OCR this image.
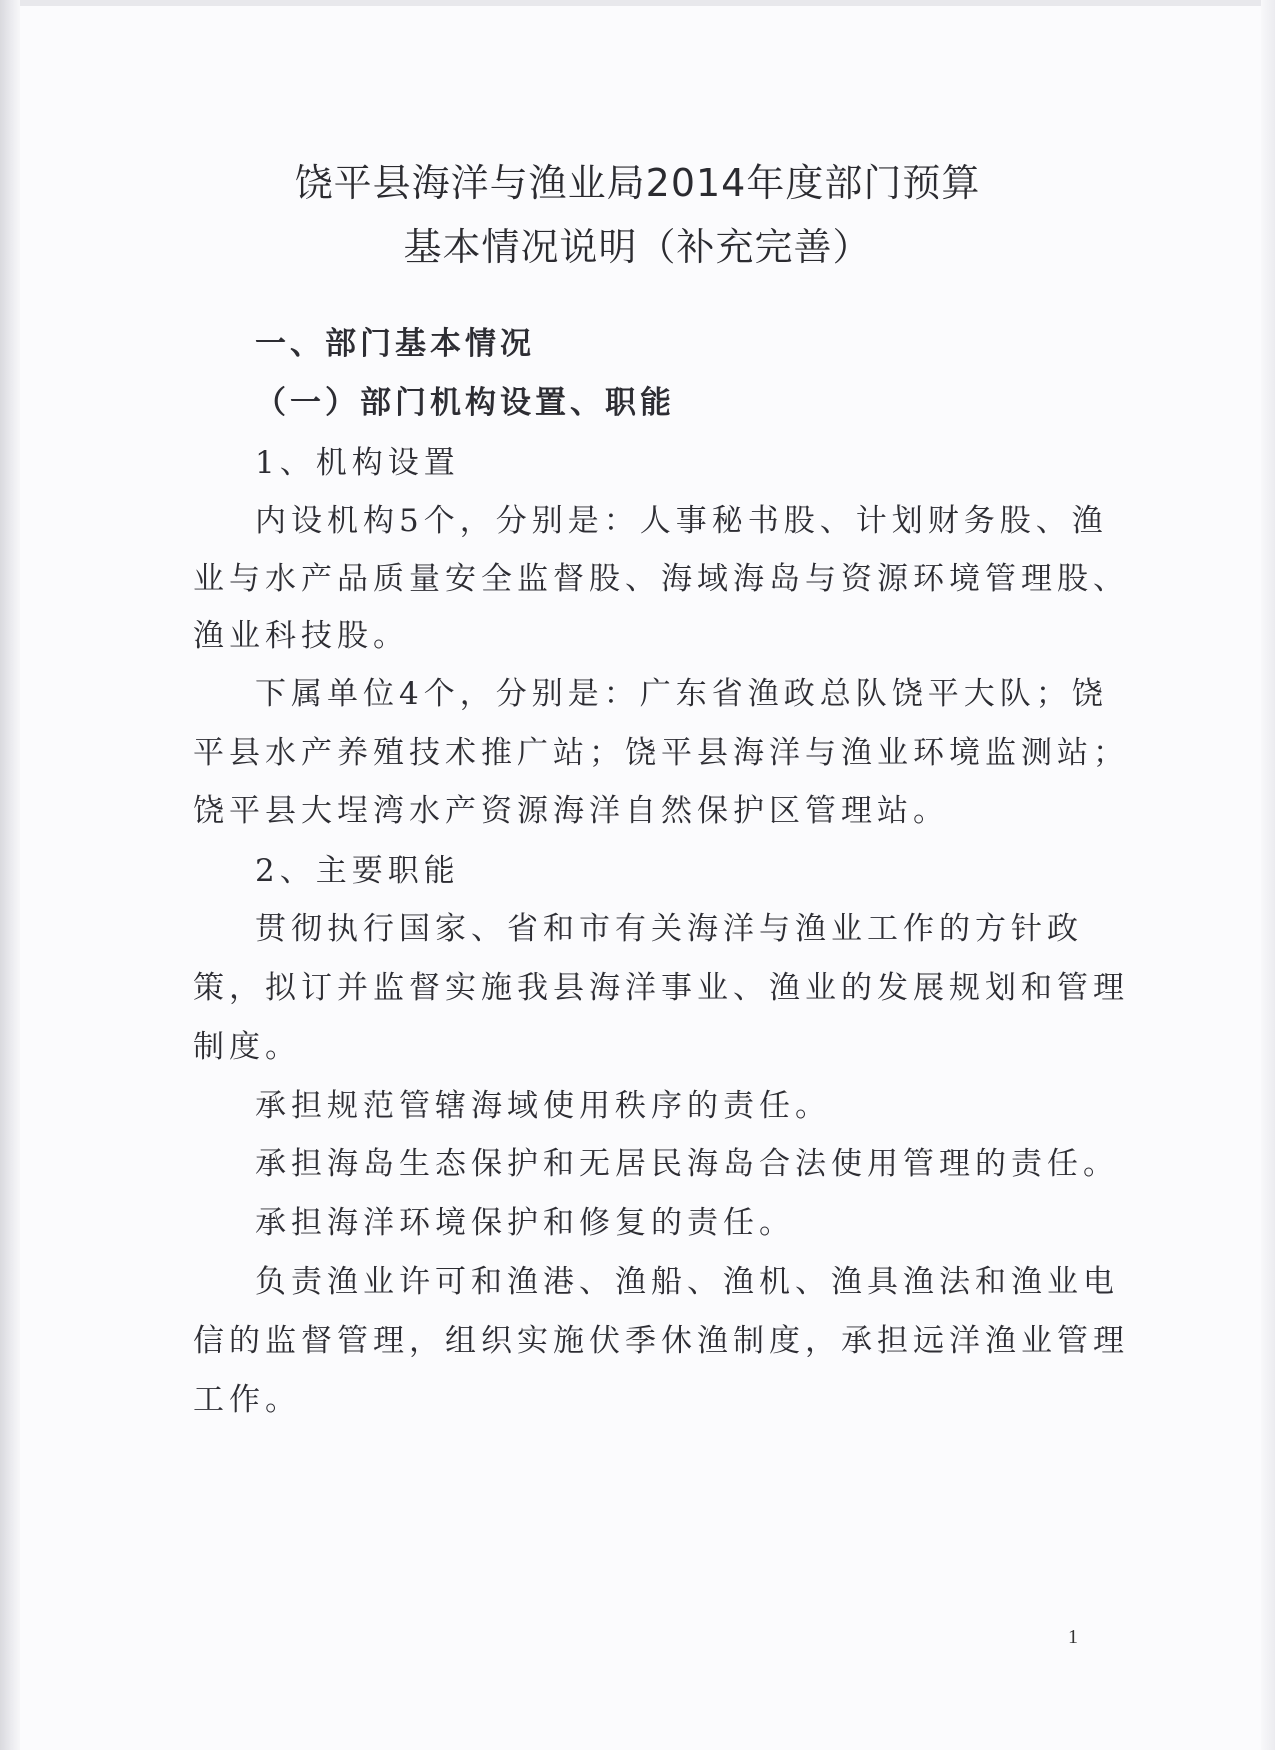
饶平县海洋与渔业局2014年度部门预算
基本情况说明（补充完善）
一、部门基本情况
（一）部门机构设置、职能
1、机构设置
内设机构5个，分别是：人事秘书股、计划财务股、渔
业与水产品质量安全监督股、海域海岛与资源环境管理股、
渔业科技股。
下属单位4个，分别是：广东省渔政总队饶平大队；饶
平县水产养殖技术推广站；饶平县海洋与渔业环境监测站；
饶平县大埕湾水产资源海洋自然保护区管理站。
2、主要职能
贯彻执行国家、省和市有关海洋与渔业工作的方针政
策，拟订并监督实施我县海洋事业、渔业的发展规划和管理
制度。
承担规范管辖海域使用秩序的责任。
承担海岛生态保护和无居民海岛合法使用管理的责任。
承担海洋环境保护和修复的责任。
负责渔业许可和渔港、渔船、渔机、渔具渔法和渔业电
信的监督管理，组织实施伏季休渔制度，承担远洋渔业管理
工作。
1
